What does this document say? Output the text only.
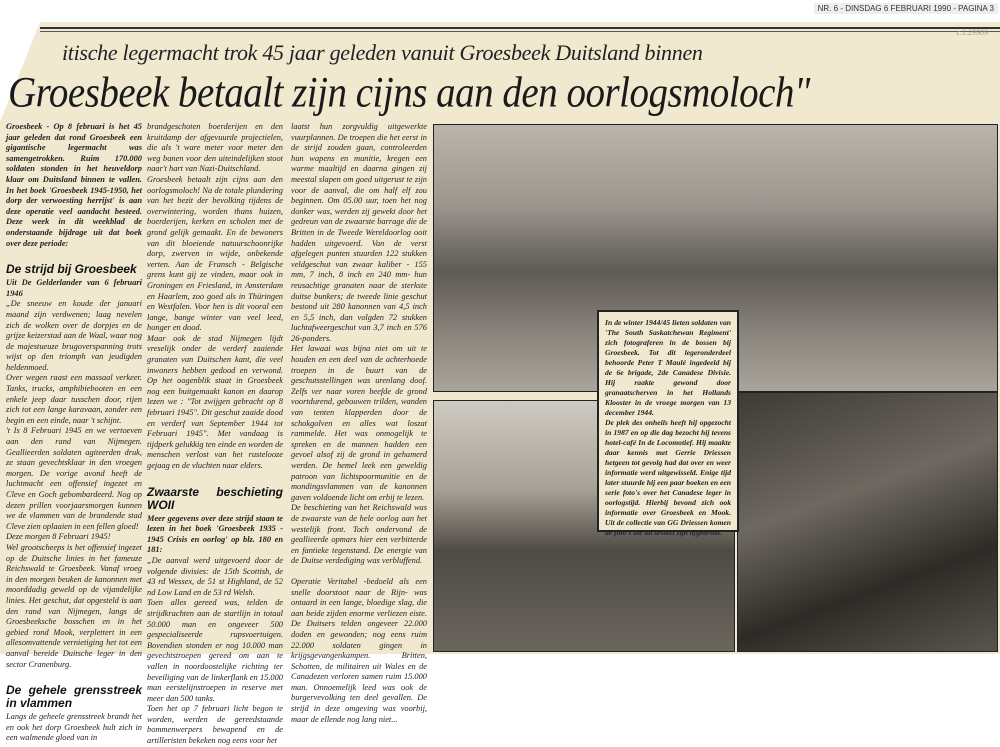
NR. 6 - DINSDAG 6 FEBRUARI 1990 - PAGINA 3
c.1.29909
itische legermacht trok 45 jaar geleden vanuit Groesbeek Duitsland binnen
Groesbeek betaalt zijn cijns aan den oorlogsmoloch"

Groesbeek - Op 8 februari is het 45 jaar geleden dat rond Groesbeek een gigantische legermacht was samengetrokken. Ruim 170.000 soldaten stonden in het heuveldorp klaar om Duitsland binnen te vallen. In het boek 'Groesbeek 1945-1950, het dorp der verwoesting herrijst' is aan deze operatie veel aandacht besteed. Deze week in dit weekblad de onderstaande bijdrage uit dat boek over deze periode:

De strijd bij Groesbeek

Uit De Gelderlander van 6 februari 1946

„De sneeuw en koude der januari maand zijn verdwenen; laag nevelen zich de wolken over de dorpjes en de grijze keizerstad aan de Waal, waar nog de majestueuze brugoverspanning trots wijst op den triomph van jeudigden heldenmoed.

Over wegen raast een massaal verkeer. Tanks, trucks, amphibiebooten en een enkele jeep daar tusschen door, rijen zich tot een lange karavaan, zonder een begin en een einde, naar 't schijnt.

't Is 8 Februari 1945 en we vertoeven aan den rand van Nijmegen. Geallieerden soldaten agiteerden druk, ze staan gevechtsklaar in den vroegen morgen. De vorige avond heeft de luchtmacht een offensief ingezet en Cleve en Goch gebombardeerd. Nog op dezen prillen voorjaarsmorgen kunnen we de vlammen van de brandende stad Cleve zien oplaaien in een fellen gloed!

Deze morgen 8 Februari 1945!

Wel grootscheeps is het offensief ingezet op de Duitsche linies in het fameuze Reichswald te Groesbeek. Vanaf vroeg in den morgen beuken de kanonnen met moorddadig geweld op de vijandelijke linies. Het geschut, dat opgesteld is aan den rand van Nijmegen, langs de Groesbeeksche bosschen en in het gebied rond Mook, verplettert in een allesomvattende vernietiging het tot een aanval bereide Duitsche leger in den sector Cranenburg.

De gehele grensstreek in vlammen

Langs de geheele grensstreek brandt het en ook het dorp Groesbeek hult zich in een walmende gloed van in

brandgeschoten boerderijen en den kruitdamp der afgevuurde projectielen, die als 't ware meter voor meter den weg banen voor den uiteindelijken stoot naar't hart van Nazi-Duitschland.

Groesbeek betaalt zijn cijns aan den oorlogsmoloch! Na de totale plundering van het bezit der bevolking tijdens de overwintering, worden thans huizen, boerderijen, kerken en scholen met de grond gelijk gemaakt. En de bewoners van dit bloeiende natuurschoonrijke dorp, zwerven in wijde, onbekende verten. Aan de Fransch - Belgische grens kunt gij ze vinden, maar ook in Groningen en Friesland, in Amsterdam en Haarlem, zoo goed als in Thüringen en Westfalen. Voor hen is dit vooral een lange, bange winter van veel leed, honger en dood.

Maar ook de stad Nijmegen lijdt vreselijk onder de verderf zaaiende granaten van Duitschen kant, die veel inwoners hebben gedood en verwond. Op het oogenblik staat in Groesbeek nog een buitgemaakt kanon en daarop lezen we : "Tot zwijgen gebracht op 8 februari 1945". Dit geschut zaaide dood en verderf van September 1944 tot Februari 1945". Met vandaag is tijdperk gelukkig ten einde en worden de menschen verlost van het rustelooze gejaag en de vluchten naar elders.

Zwaarste beschieting WOII

Meer gegevens over deze strijd staan te lezen in het boek 'Groesbeek 1935 - 1945 Crisis en oorlog' op blz. 180 en 181:

„De aanval werd uitgevoerd door de volgende divisies: de 15th Scottish, de 43 rd Wessex, de 51 st Highland, de 52 nd Low Land en de 53 rd Welsh.

Toen alles gereed was, telden de strijdkrachten aan de startlijn in totaal 50.000 man en ongeveer 500 gespecialiseerde rupsvoertuigen. Bovendien stonden er nog 10.000 man gevechtstroepen gereed om aan te vallen in noordoostelijke richting ter beveiliging van de linkerflank en 15.000 man eerstelijnstroepen in reserve met meer dan 500 tanks.

Toen het op 7 februari licht begon te worden, werden de gereedstaande bommenwerpers bewapend en de artilleristen bekeken nog eens voor het

laatst hun zorgvuldig uitgewerkte vuurplannen. De troepen die het eerst in de strijd zouden gaan, controleerden hun wapens en munitie, kregen een warme maaltijd en daarna gingen zij meestal slapen om goed uitgerust te zijn voor de aanval, die om half elf zou beginnen. Om 05.00 uur, toen het nog donker was, werden zij gewekt door het gedreun van de zwaarste barrage die de Britten in de Tweede Wereldoorlog ooit hadden uitgevoerd. Van de verst afgelegen punten stuurden 122 stukken veldgeschut van zwaar kaliber - 155 mm, 7 inch, 8 inch en 240 mm- hun reusachtige granaten naar de sterkste duitse bunkers; de tweede linie geschut bestond uit 280 kanonnen van 4,5 inch en 5,5 inch, dan volgden 72 stukken luchtafweergeschut van 3,7 inch en 576 26-ponders.

Het lawaai was bijna niet om uit te houden en een deel van de achterhoede troepen in de buurt van de geschutsstellingen was urenlang doof. Zelfs ver naar voren beefde de grond voortdurend, gebouwen trilden, wanden van tenten klapperden door de schokgolven en alles wat loszat rammelde. Het was onmogelijk te spreken en de mannen hadden een gevoel alsof zij de grond in gehamerd werden. De hemel leek een geweldig patroon van lichtspoormunitie en de mondingsvlammen van de kanonnen gaven voldoende licht om erbij te lezen.

De beschieting van het Reichswald was de zwaarste van de hele oorlog aan het westelijk front. Toch ondervond de geallieerde opmars hier een verbitterde en fantieke tegenstand. De energie van de Duitse verdediging was verbluffend.

Operatie Veritabel -bedoeld als een snelle doorstoot naar de Rijn- was ontaard in een lange, bloedige slag, die aan beide zijden enorme verliezen eiste. De Duitsers telden ongeveer 22.000 doden en gewonden; nog eens ruim 22.000 soldaten gingen in krijgsgevangenkampen. Britten, Schotten, de militairen uit Wales en de Canadezen verloren samen ruim 15.000 man. Onnoemelijk leed was ook de burgervevolking ten deel gevallen. De strijd in deze omgeving was voorbij, maar de ellende nog lang niet...

In de winter 1944/45 lieten soldaten van 'The South Saskatchewan Regiment' zich fotograferen in de bossen bij Groesbeek. Tot dit legeronderdeel behoorde Peter T Maulé ingedeeld bij de 6e brigade, 2de Canadese Divisie. Hij raakte gewond door granaatscherven in het Hollands Klooster in de vroege morgen van 13 december 1944.

De plek des onheils heeft hij opgezocht in 1987 en op die dag bezocht hij tevens hotel-café In de Locomotief. Hij maakte daar kennis met Gerrie Driessen hetgeen tot gevolg had dat over en weer informatie werd uitgewisseld. Enige tijd later stuurde hij een paar boeken en een serie foto's over het Canadese leger in oorlogstijd. Hierbij bevond zich ook informatie over Groesbeek en Mook. Uit de collectie van GG Driessen komen de foto's die dit artikel zijn afgedrukt.
